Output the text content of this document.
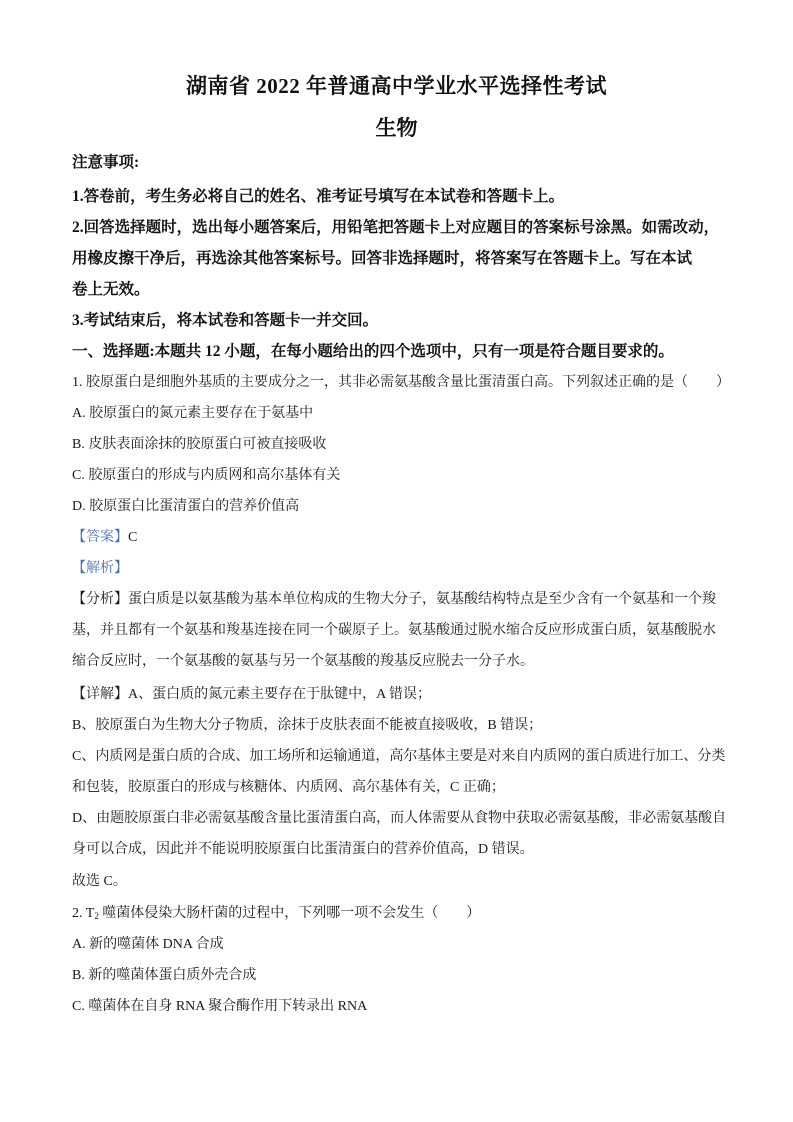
湖南省 2022 年普通高中学业水平选择性考试
生物
注意事项:
1.答卷前，考生务必将自己的姓名、准考证号填写在本试卷和答题卡上。
2.回答选择题时，选出每小题答案后，用铅笔把答题卡上对应题目的答案标号涂黑。如需改动，
用橡皮擦干净后，再选涂其他答案标号。回答非选择题时，将答案写在答题卡上。写在本试
卷上无效。
3.考试结束后，将本试卷和答题卡一并交回。
一、选择题:本题共 12 小题，在每小题给出的四个选项中，只有一项是符合题目要求的。
1. 胶原蛋白是细胞外基质的主要成分之一，其非必需氨基酸含量比蛋清蛋白高。下列叙述正确的是（　　）
A. 胶原蛋白的氮元素主要存在于氨基中
B. 皮肤表面涂抹的胶原蛋白可被直接吸收
C. 胶原蛋白的形成与内质网和高尔基体有关
D. 胶原蛋白比蛋清蛋白的营养价值高
【答案】C
【解析】
【分析】蛋白质是以氨基酸为基本单位构成的生物大分子，氨基酸结构特点是至少含有一个氨基和一个羧
基，并且都有一个氨基和羧基连接在同一个碳原子上。氨基酸通过脱水缩合反应形成蛋白质，氨基酸脱水
缩合反应时，一个氨基酸的氨基与另一个氨基酸的羧基反应脱去一分子水。
【详解】A、蛋白质的氮元素主要存在于肽键中，A 错误；
B、胶原蛋白为生物大分子物质，涂抹于皮肤表面不能被直接吸收，B 错误；
C、内质网是蛋白质的合成、加工场所和运输通道，高尔基体主要是对来自内质网的蛋白质进行加工、分类
和包装，胶原蛋白的形成与核糖体、内质网、高尔基体有关，C 正确；
D、由题胶原蛋白非必需氨基酸含量比蛋清蛋白高，而人体需要从食物中获取必需氨基酸，非必需氨基酸自
身可以合成，因此并不能说明胶原蛋白比蛋清蛋白的营养价值高，D 错误。
故选 C。
2. $T_2$ 噬菌体侵染大肠杆菌的过程中，下列哪一项不会发生（　　）
A. 新的噬菌体 DNA 合成
B. 新的噬菌体蛋白质外壳合成
C. 噬菌体在自身 RNA 聚合酶作用下转录出 RNA
